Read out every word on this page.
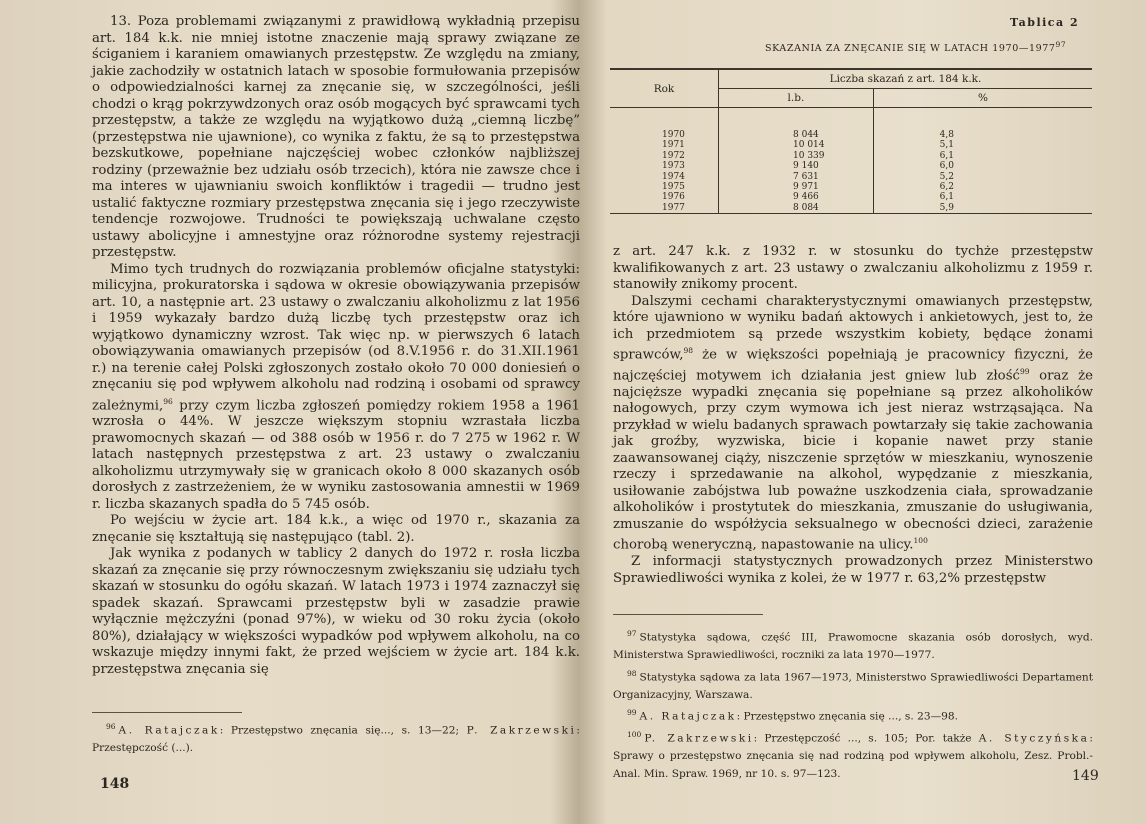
13. Poza problemami związanymi z prawidłową wykładnią przepisu art. 184 k.k. nie mniej istotne znaczenie mają sprawy związane ze ściganiem i karaniem omawianych przestępstw. Ze względu na zmiany, jakie zachodziły w ostatnich latach w sposobie formułowania przepisów o odpowiedzialności karnej za znęcanie się, w szczególności, jeśli chodzi o krąg pokrzywdzonych oraz osób mogących być sprawcami tych przestępstw, a także ze względu na wyjątkowo dużą „ciemną liczbę” (przestępstwa nie ujawnione), co wynika z faktu, że są to przestępstwa bezskutkowe, popełniane najczęściej wobec członków najbliższej rodziny (przeważnie bez udziału osób trzecich), która nie zawsze chce i ma interes w ujawnianiu swoich konfliktów i tragedii — trudno jest ustalić faktyczne rozmiary przestępstwa znęcania się i jego rzeczywiste tendencje rozwojowe. Trudności te powiększają uchwalane często ustawy abolicyjne i amnestyjne oraz różnorodne systemy rejestracji przestępstw.

Mimo tych trudnych do rozwiązania problemów oficjalne statystyki: milicyjna, prokuratorska i sądowa w okresie obowiązywania przepisów art. 10, a następnie art. 23 ustawy o zwalczaniu alkoholizmu z lat 1956 i 1959 wykazały bardzo dużą liczbę tych przestępstw oraz ich wyjątkowo dynamiczny wzrost. Tak więc np. w pierwszych 6 latach obowiązywania omawianych przepisów (od 8.V.1956 r. do 31.XII.1961 r.) na terenie całej Polski zgłoszonych zostało około 70 000 doniesień o znęcaniu się pod wpływem alkoholu nad rodziną i osobami od sprawcy zależnymi,$^{96}$ przy czym liczba zgłoszeń pomiędzy rokiem 1958 a 1961 wzrosła o 44%. W jeszcze większym stopniu wzrastała liczba prawomocnych skazań — od 388 osób w 1956 r. do 7 275 w 1962 r. W latach następnych przestępstwa z art. 23 ustawy o zwalczaniu alkoholizmu utrzymywały się w granicach około 8 000 skazanych osób dorosłych z zastrzeżeniem, że w wyniku zastosowania amnestii w 1969 r. liczba skazanych spadła do 5 745 osób.

Po wejściu w życie art. 184 k.k., a więc od 1970 r., skazania za znęcanie się kształtują się następująco (tabl. 2).

Jak wynika z podanych w tablicy 2 danych do 1972 r. rosła liczba skazań za znęcanie się przy równoczesnym zwiększaniu się udziału tych skazań w stosunku do ogółu skazań. W latach 1973 i 1974 zaznaczył się spadek skazań. Sprawcami przestępstw byli w zasadzie prawie wyłącznie mężczyźni (ponad 97%), w wieku od 30 roku życia (około 80%), działający w większości wypadków pod wpływem alkoholu, na co wskazuje między innymi fakt, że przed wejściem w życie art. 184 k.k. przestępstwa znęcania się

$^{96}$ A. Ratajczak: Przestępstwo znęcania się..., s. 13—22; P. Zakrzewski: Przestępczość (...).

148
Tablica 2
SKAZANIA ZA ZNĘCANIE SIĘ W LATACH 1970—1977$^{97}$
Rok	Liczba skazań z art. 184 k.k.	
	l.b.	%

1970	8 044	4,8
1971	10 014	5,1
1972	10 339	6,1
1973	9 140	6,0
1974	7 631	5,2
1975	9 971	6,2
1976	9 466	6,1
1977	8 084	5,9

z art. 247 k.k. z 1932 r. w stosunku do tychże przestępstw kwalifikowanych z art. 23 ustawy o zwalczaniu alkoholizmu z 1959 r. stanowiły znikomy procent.

Dalszymi cechami charakterystycznymi omawianych przestępstw, które ujawniono w wyniku badań aktowych i ankietowych, jest to, że ich przedmiotem są przede wszystkim kobiety, będące żonami sprawców,$^{98}$ że w większości popełniają je pracownicy fizyczni, że najczęściej motywem ich działania jest gniew lub złość$^{99}$ oraz że najcięższe wypadki znęcania się popełniane są przez alkoholików nałogowych, przy czym wymowa ich jest nieraz wstrząsająca. Na przykład w wielu badanych sprawach powtarzały się takie zachowania jak groźby, wyzwiska, bicie i kopanie nawet przy stanie zaawansowanej ciąży, niszczenie sprzętów w mieszkaniu, wynoszenie rzeczy i sprzedawanie na alkohol, wypędzanie z mieszkania, usiłowanie zabójstwa lub poważne uszkodzenia ciała, sprowadzanie alkoholików i prostytutek do mieszkania, zmuszanie do usługiwania, zmuszanie do współżycia seksualnego w obecności dzieci, zarażenie chorobą weneryczną, napastowanie na ulicy.$^{100}$

Z informacji statystycznych prowadzonych przez Ministerstwo Sprawiedliwości wynika z kolei, że w 1977 r. 63,2% przestępstw

$^{97}$ Statystyka sądowa, część III, Prawomocne skazania osób dorosłych, wyd. Ministerstwa Sprawiedliwości, roczniki za lata 1970—1977.

$^{98}$ Statystyka sądowa za lata 1967—1973, Ministerstwo Sprawiedliwości Departament Organizacyjny, Warszawa.

$^{99}$ A. Ratajczak: Przestępstwo znęcania się ..., s. 23—98.

$^{100}$ P. Zakrzewski: Przestępczość ..., s. 105; Por. także A. Styczyńska: Sprawy o przestępstwo znęcania się nad rodziną pod wpływem alkoholu, Zesz. Probl.-Anal. Min. Spraw. 1969, nr 10. s. 97—123.	149
